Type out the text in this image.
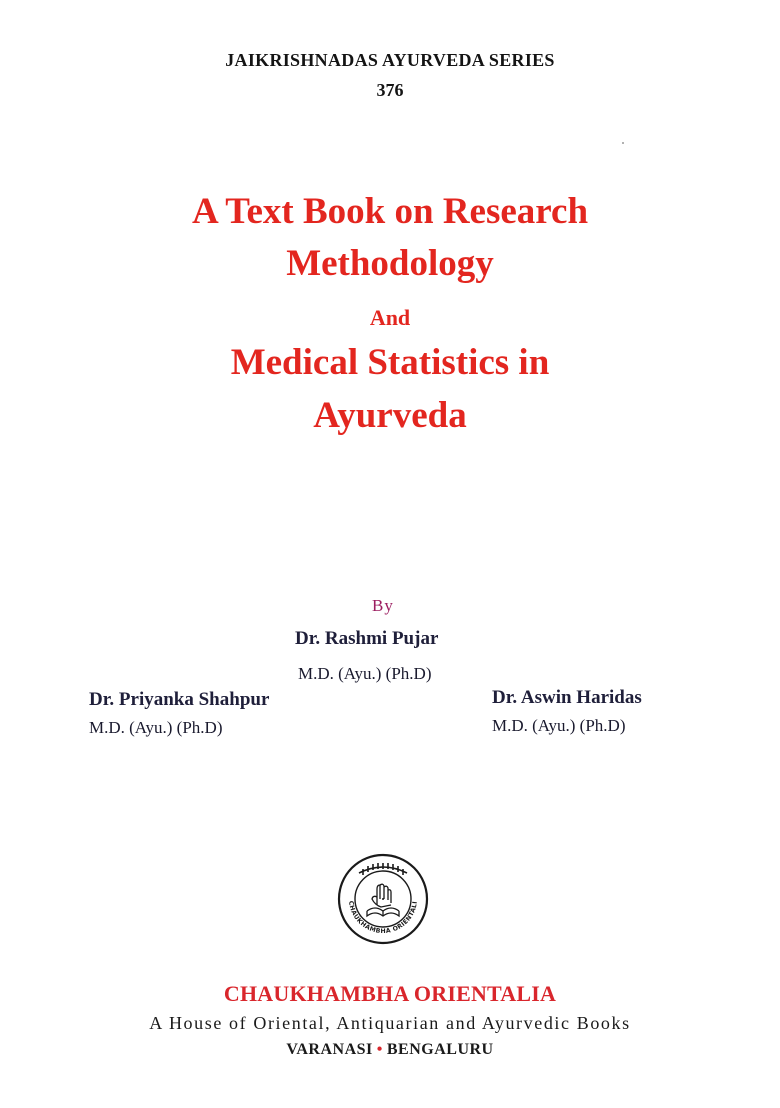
JAIKRISHNADAS AYURVEDA SERIES
376
A Text Book on Research
Methodology
And
Medical Statistics in
Ayurveda
By
Dr. Rashmi Pujar
M.D. (Ayu.) (Ph.D)
Dr. Priyanka Shahpur
M.D. (Ayu.) (Ph.D)
Dr. Aswin Haridas
M.D. (Ayu.) (Ph.D)
CHAUKHAMBHA ORIENTALI
CHAUKHAMBHA ORIENTALIA
A House of Oriental, Antiquarian and Ayurvedic Books
VARANASI • BENGALURU
